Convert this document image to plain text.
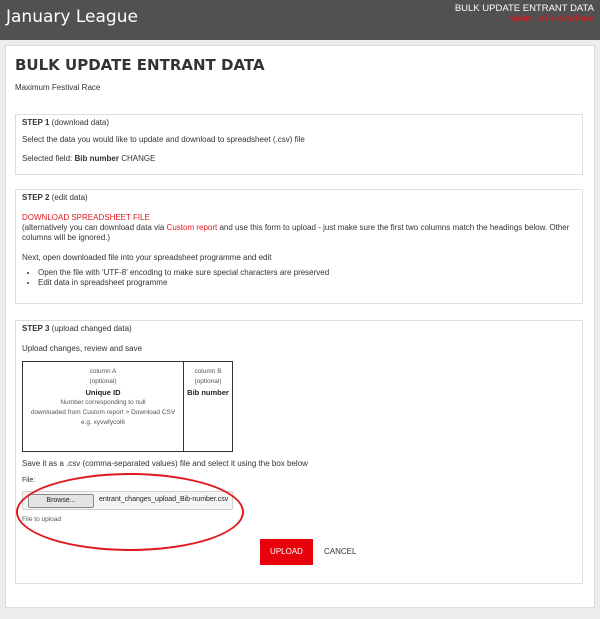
January League	BULK UPDATE ENTRANT DATA
Maximum Festival Race
BULK UPDATE ENTRANT DATA
Maximum Festival Race
STEP 1 (download data)
Select the data you would like to update and download to spreadsheet (.csv) file
Selected field: Bib number CHANGE
STEP 2 (edit data)
DOWNLOAD SPREADSHEET FILE
(alternatively you can download data via Custom report and use this form to upload - just make sure the first two columns match the headings below. Other columns will be ignored.)
Next, open downloaded file into your spreadsheet programme and edit
• Open the file with 'UTF-8' encoding to make sure special characters are preserved
• Edit data in spreadsheet programme
STEP 3 (upload changed data)
Upload changes, review and save
column A
(optional)
Unique ID
Number corresponding to null
downloaded from Custom report > Download CSV
e.g. xyvwfycol6
column B
(optional)
Bib number
Save it as a .csv (comma-separated values) file and select it using the box below
File:
Browse...	entrant_changes_upload_Bib-number.csv
File to upload
UPLOAD	CANCEL
